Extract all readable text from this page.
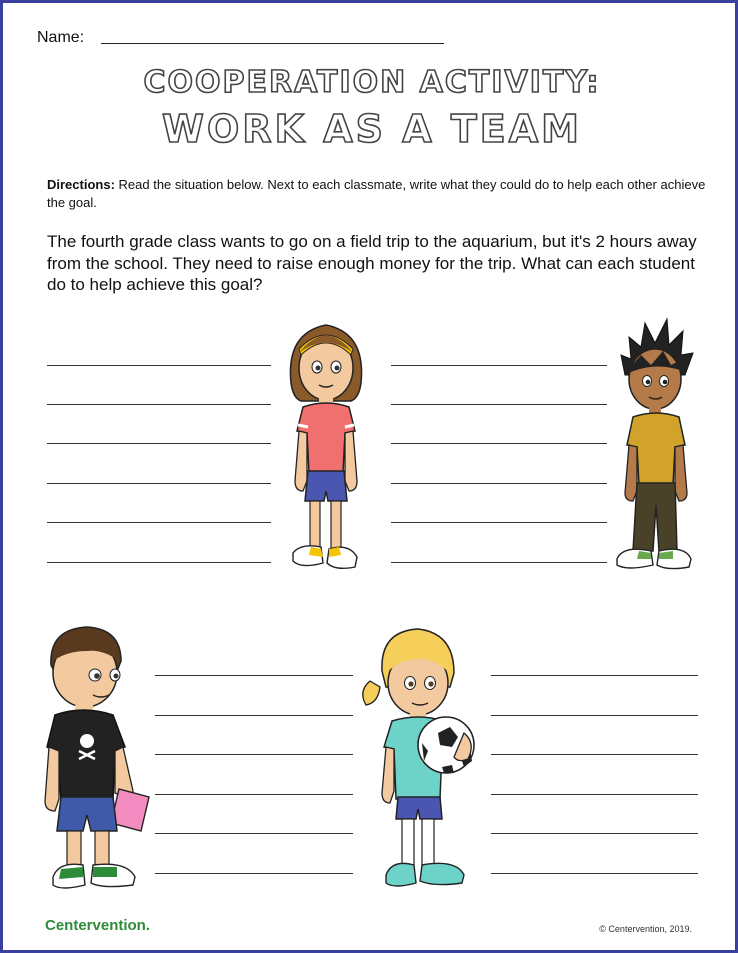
Name:
COOPERATION ACTIVITY:
WORK AS A TEAM
Directions: Read the situation below. Next to each classmate, write what they could do to help each other achieve the goal.
The fourth grade class wants to go on a field trip to the aquarium, but it's 2 hours away from the school. They need to raise enough money for the trip. What can each student do to help achieve this goal?
Centervention.	© Centervention, 2019.
